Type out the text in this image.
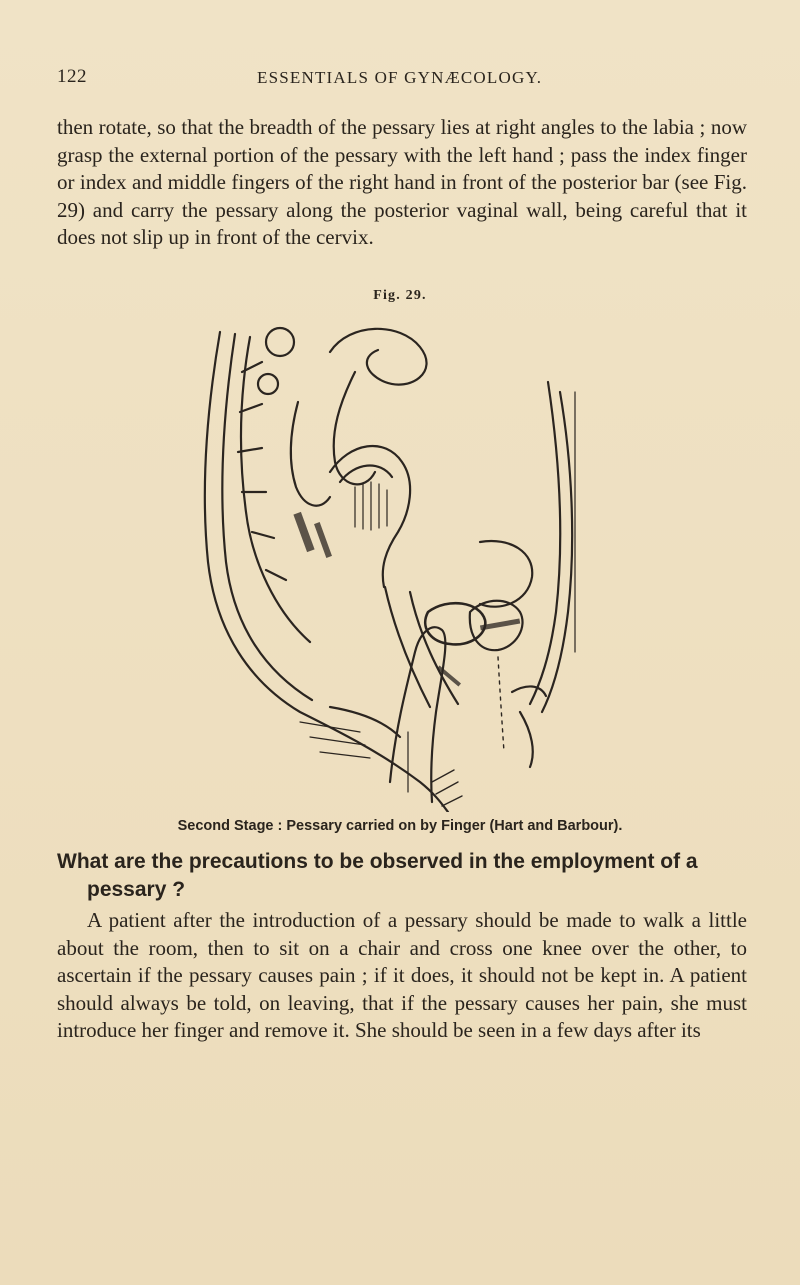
122	ESSENTIALS OF GYNÆCOLOGY.

then rotate, so that the breadth of the pessary lies at right angles to the labia ; now grasp the external portion of the pessary with the left hand ; pass the index finger or index and middle fingers of the right hand in front of the posterior bar (see Fig. 29) and carry the pessary along the posterior vaginal wall, being careful that it does not slip up in front of the cervix.

Fig. 29.
Second Stage : Pessary carried on by Finger (Hart and Barbour).

What are the precautions to be observed in the employment of a pessary ?

A patient after the introduction of a pessary should be made to walk a little about the room, then to sit on a chair and cross one knee over the other, to ascertain if the pessary causes pain ; if it does, it should not be kept in. A patient should always be told, on leaving, that if the pessary causes her pain, she must introduce her finger and remove it. She should be seen in a few days after its
